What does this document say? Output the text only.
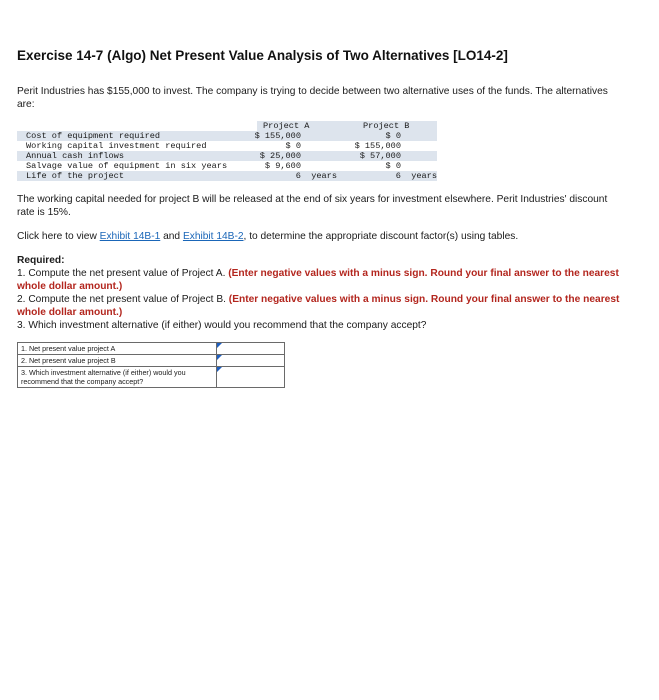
Exercise 14-7 (Algo) Net Present Value Analysis of Two Alternatives [LO14-2]
Perit Industries has $155,000 to invest. The company is trying to decide between two alternative uses of the funds. The alternatives are:
Project A	Project B
Cost of equipment required	$ 155,000	$ 0
Working capital investment required	$ 0	$ 155,000
Annual cash inflows	$ 25,000	$ 57,000
Salvage value of equipment in six years	$ 9,600	$ 0
Life of the project	6  years	6  years
The working capital needed for project B will be released at the end of six years for investment elsewhere. Perit Industries' discount rate is 15%.
Click here to view Exhibit 14B-1 and Exhibit 14B-2, to determine the appropriate discount factor(s) using tables.
Required:
1. Compute the net present value of Project A. (Enter negative values with a minus sign. Round your final answer to the nearest whole dollar amount.)
2. Compute the net present value of Project B. (Enter negative values with a minus sign. Round your final answer to the nearest whole dollar amount.)
3. Which investment alternative (if either) would you recommend that the company accept?
1. Net present value project A	

2. Net present value project B	

3. Which investment alternative (if either) would you recommend that the company accept?	
